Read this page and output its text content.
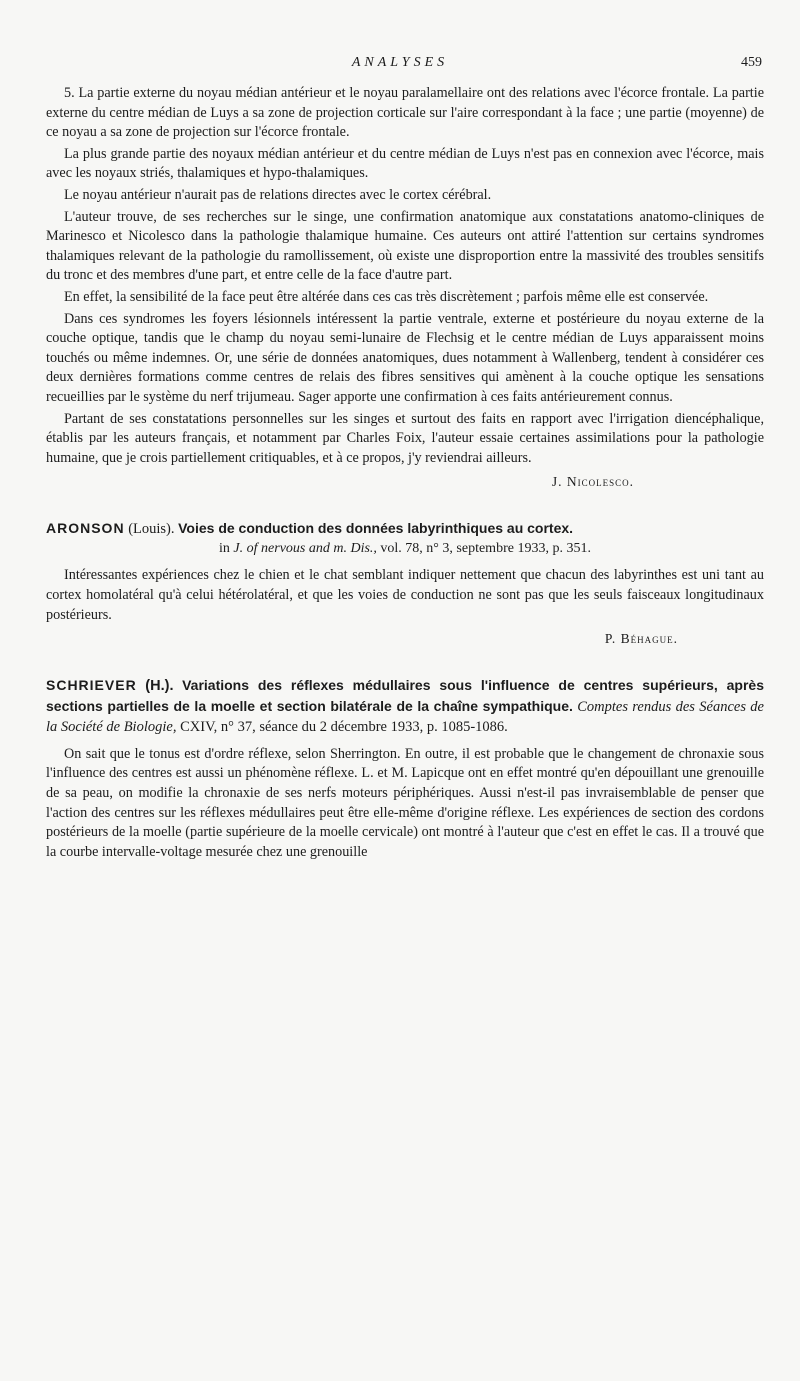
ANALYSES	459

5. La partie externe du noyau médian antérieur et le noyau paralamellaire ont des relations avec l'écorce frontale. La partie externe du centre médian de Luys a sa zone de projection corticale sur l'aire correspondant à la face ; une partie (moyenne) de ce noyau a sa zone de projection sur l'écorce frontale.

La plus grande partie des noyaux médian antérieur et du centre médian de Luys n'est pas en connexion avec l'écorce, mais avec les noyaux striés, thalamiques et hypo-thalamiques.

Le noyau antérieur n'aurait pas de relations directes avec le cortex cérébral.

L'auteur trouve, de ses recherches sur le singe, une confirmation anatomique aux constatations anatomo-cliniques de Marinesco et Nicolesco dans la pathologie thalamique humaine. Ces auteurs ont attiré l'attention sur certains syndromes thalamiques relevant de la pathologie du ramollissement, où existe une disproportion entre la massivité des troubles sensitifs du tronc et des membres d'une part, et entre celle de la face d'autre part.

En effet, la sensibilité de la face peut être altérée dans ces cas très discrètement ; parfois même elle est conservée.

Dans ces syndromes les foyers lésionnels intéressent la partie ventrale, externe et postérieure du noyau externe de la couche optique, tandis que le champ du noyau semi-lunaire de Flechsig et le centre médian de Luys apparaissent moins touchés ou même indemnes. Or, une série de données anatomiques, dues notamment à Wallenberg, tendent à considérer ces deux dernières formations comme centres de relais des fibres sensitives qui amènent à la couche optique les sensations recueillies par le système du nerf trijumeau. Sager apporte une confirmation à ces faits antérieurement connus.

Partant de ses constatations personnelles sur les singes et surtout des faits en rapport avec l'irrigation diencéphalique, établis par les auteurs français, et notamment par Charles Foix, l'auteur essaie certaines assimilations pour la pathologie humaine, que je crois partiellement critiquables, et à ce propos, j'y reviendrai ailleurs.

J. Nicolesco.

ARONSON (Louis). Voies de conduction des données labyrinthiques au cortex.

in J. of nervous and m. Dis., vol. 78, n° 3, septembre 1933, p. 351.

Intéressantes expériences chez le chien et le chat semblant indiquer nettement que chacun des labyrinthes est uni tant au cortex homolatéral qu'à celui hétérolatéral, et que les voies de conduction ne sont pas que les seuls faisceaux longitudinaux postérieurs.

P. Béhague.

SCHRIEVER (H.). Variations des réflexes médullaires sous l'influence de centres supérieurs, après sections partielles de la moelle et section bilatérale de la chaîne sympathique. Comptes rendus des Séances de la Société de Biologie, CXIV, n° 37, séance du 2 décembre 1933, p. 1085-1086.

On sait que le tonus est d'ordre réflexe, selon Sherrington. En outre, il est probable que le changement de chronaxie sous l'influence des centres est aussi un phénomène réflexe. L. et M. Lapicque ont en effet montré qu'en dépouillant une grenouille de sa peau, on modifie la chronaxie de ses nerfs moteurs périphériques. Aussi n'est-il pas invraisemblable de penser que l'action des centres sur les réflexes médullaires peut être elle-même d'origine réflexe. Les expériences de section des cordons postérieurs de la moelle (partie supérieure de la moelle cervicale) ont montré à l'auteur que c'est en effet le cas. Il a trouvé que la courbe intervalle-voltage mesurée chez une grenouille
